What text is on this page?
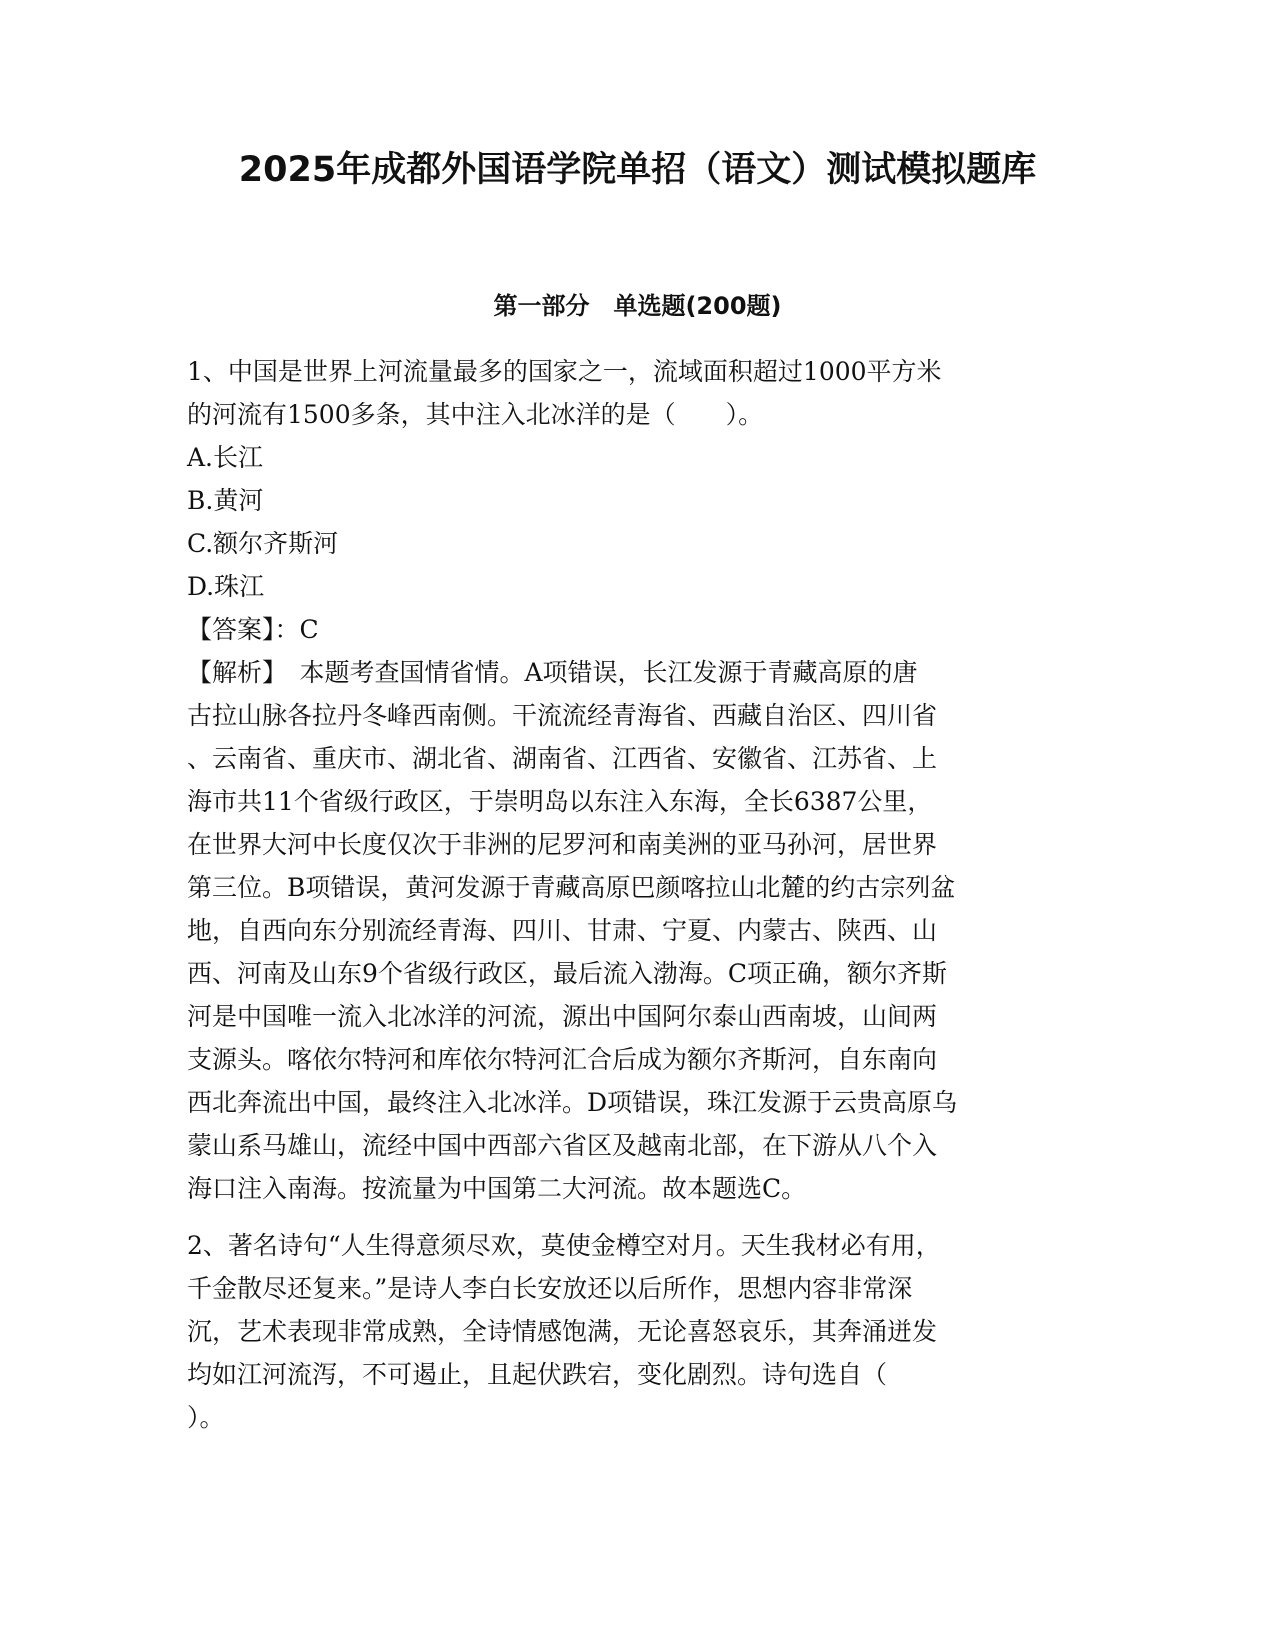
2025年成都外国语学院单招（语文）测试模拟题库
第一部分　单选题(200题)

1、中国是世界上河流量最多的国家之一，流域面积超过1000平方米

的河流有1500多条，其中注入北冰洋的是（　　）。

A.长江

B.黄河

C.额尔齐斯河

D.珠江

【答案】：C

【解析】　本题考查国情省情。A项错误，长江发源于青藏高原的唐

古拉山脉各拉丹冬峰西南侧。干流流经青海省、西藏自治区、四川省

、云南省、重庆市、湖北省、湖南省、江西省、安徽省、江苏省、上

海市共11个省级行政区，于崇明岛以东注入东海，全长6387公里，

在世界大河中长度仅次于非洲的尼罗河和南美洲的亚马孙河，居世界

第三位。B项错误，黄河发源于青藏高原巴颜喀拉山北麓的约古宗列盆

地，自西向东分别流经青海、四川、甘肃、宁夏、内蒙古、陕西、山

西、河南及山东9个省级行政区，最后流入渤海。C项正确，额尔齐斯

河是中国唯一流入北冰洋的河流，源出中国阿尔泰山西南坡，山间两

支源头。喀依尔特河和库依尔特河汇合后成为额尔齐斯河，自东南向

西北奔流出中国，最终注入北冰洋。D项错误，珠江发源于云贵高原乌

蒙山系马雄山，流经中国中西部六省区及越南北部，在下游从八个入

海口注入南海。按流量为中国第二大河流。故本题选C。

2、著名诗句“人生得意须尽欢，莫使金樽空对月。天生我材必有用，

千金散尽还复来。”是诗人李白长安放还以后所作，思想内容非常深

沉，艺术表现非常成熟，全诗情感饱满，无论喜怒哀乐，其奔涌迸发

均如江河流泻，不可遏止，且起伏跌宕，变化剧烈。诗句选自（

）。
